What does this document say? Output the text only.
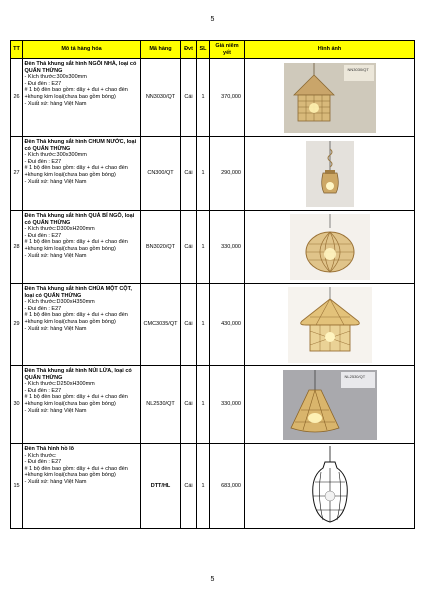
5
TT	Mô tả hàng hóa	Mã hàng	Đvt	SL	Giá niêm yết	Hình ảnh
26	Đèn Thả khung sắt hình NGÔI NHÀ, loại có QUẤN THỪNG
- Kích thước:300x300mm
- Đui đèn : E27
# 1 bộ đèn bao gồm: dây + đui + chao đèn +khung kim loại(chưa bao gồm bóng)
- Xuất xứ: hàng Việt Nam	NN3030/QT	Cái	1	370,000	NN3030/QT

27	Đèn Thả khung sắt hình CHUM NƯỚC, loại có QUẤN THỪNG
- Kích thước:300x300mm
- Đui đèn : E27
# 1 bộ đèn bao gồm: dây + đui + chao đèn +khung kim loại(chưa bao gồm bóng)
- Xuất xứ: hàng Việt Nam	CN300/QT	Cái	1	290,000	

28	Đèn Thả khung sắt hình QUẢ BÍ NGÔ, loại có QUẤN THỪNG
- Kích thước:D300xH200mm
- Đui đèn : E27
# 1 bộ đèn bao gồm: dây + đui + chao đèn +khung kim loại(chưa bao gồm bóng)
- Xuất xứ: hàng Việt Nam	BN3020/QT	Cái	1	330,000	

29	Đèn Thả khung sắt hình CHÙA MỘT CỘT, loại có QUẤN THỪNG
- Kích thước:D300xH350mm
- Đui đèn : E27
# 1 bộ đèn bao gồm: dây + đui + chao đèn +khung kim loại(chưa bao gồm bóng)
- Xuất xứ: hàng Việt Nam	CMC3035/QT	Cái	1	430,000	

30	Đèn Thả khung sắt hình NÚI LỬA, loại có QUẤN THỪNG
- Kích thước:D250xH300mm
- Đui đèn : E27
# 1 bộ đèn bao gồm: dây + đui + chao đèn +khung kim loại(chưa bao gồm bóng)
- Xuất xứ: hàng Việt Nam	NL2530/QT	Cái	1	330,000	NL2530/QT

15	Đèn Thả hình hồ lô
- Kích thước:
- Đui đèn : E27
# 1 bộ đèn bao gồm: dây + đui + chao đèn +khung kim loại(chưa bao gồm bóng)
- Xuất xứ: hàng Việt Nam	DTT/HL	Cái	1	683,000	
5
